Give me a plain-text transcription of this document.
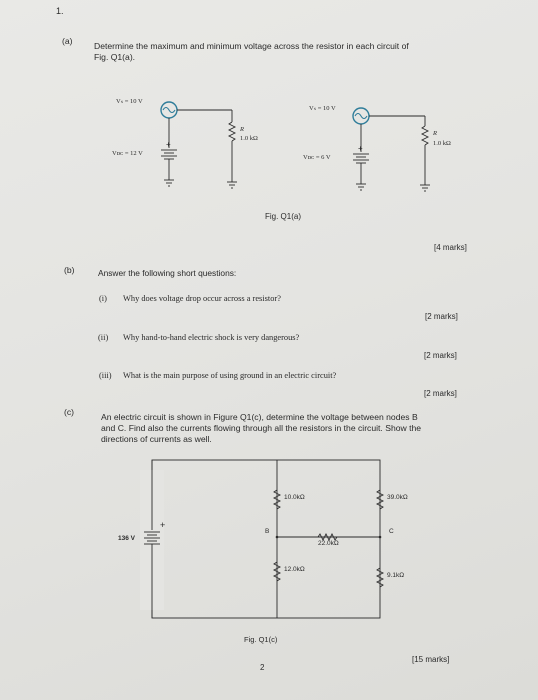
1.
(a) Determine the maximum and minimum voltage across the resistor in each circuit of
Fig. Q1(a).
+
+
+
Vₛ = 10 V
Vᴅᴄ = 12 V
R
1.0 kΩ
Vₛ = 10 V
Vᴅᴄ = 6 V
R
1.0 kΩ
Fig. Q1(a)
[4 marks]
(b)	Answer the following short questions:
(i) Why does voltage drop occur across a resistor?
[2 marks]
(ii) Why hand-to-hand electric shock is very dangerous?
[2 marks]
(iii) What is the main purpose of using ground in an electric circuit?
[2 marks]
(c)	An electric circuit is shown in Figure Q1(c), determine the voltage between nodes B
and C. Find also the currents flowing through all the resistors in the circuit. Show the
directions of currents as well.
136 V
10.0kΩ	39.0kΩ
22.0kΩ
12.0kΩ
9.1kΩ
B	C
Fig. Q1(c)
2
[15 marks]
